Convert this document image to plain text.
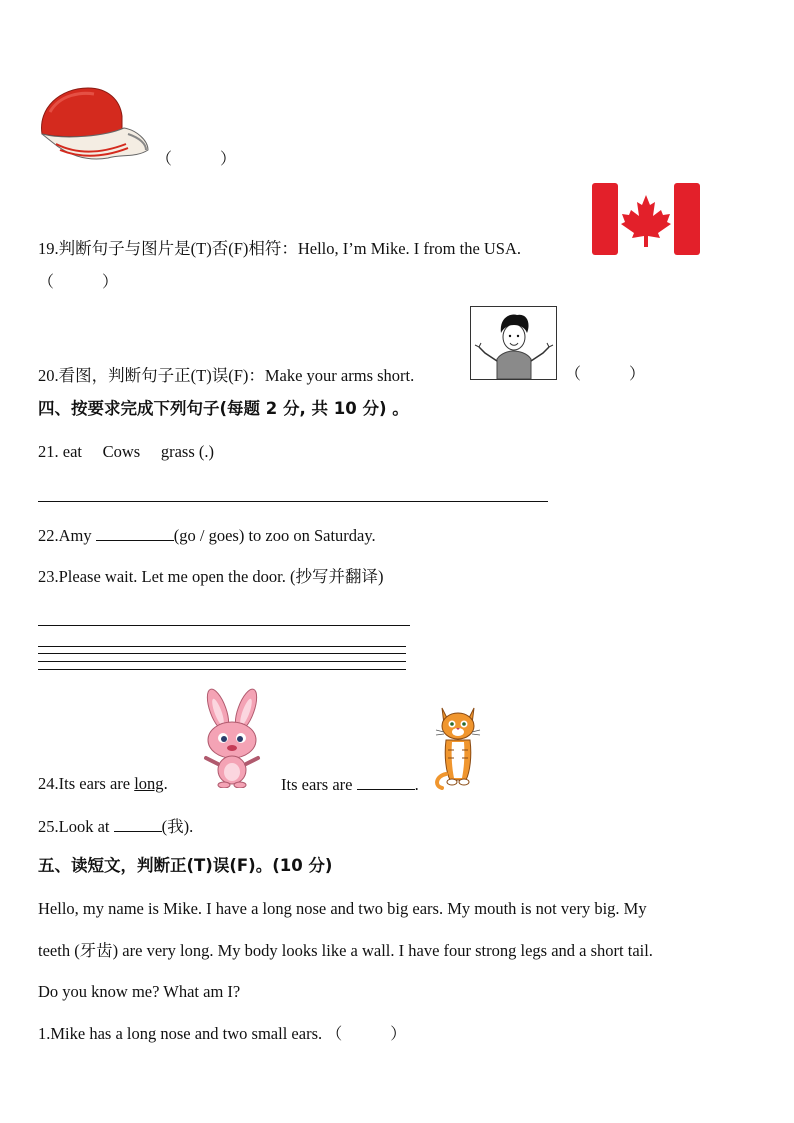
（　　　）
19.判断句子与图片是(T)否(F)相符：Hello, I’m Mike. I from the USA.
（　　　）
20.看图，判断句子正(T)误(F)：Make your arms short.	（　　　）
四、按要求完成下列句子(每题 2 分, 共 10 分) 。
21. eat　 Cows　 grass (.)
22.Amy	(go / goes) to zoo on Saturday.
23.Please wait. Let me open the door. (抄写并翻译)
24.Its ears are long.	Its ears are	.
25.Look at	(我).
五、读短文，判断正(T)误(F)。(10 分)
Hello, my name is Mike. I have a long nose and two big ears. My mouth is not very big. My
teeth (牙齿) are very long. My body looks like a wall. I have four strong legs and a short tail.
Do you know me? What am I?
1.Mike has a long nose and two small ears. （　　　）
